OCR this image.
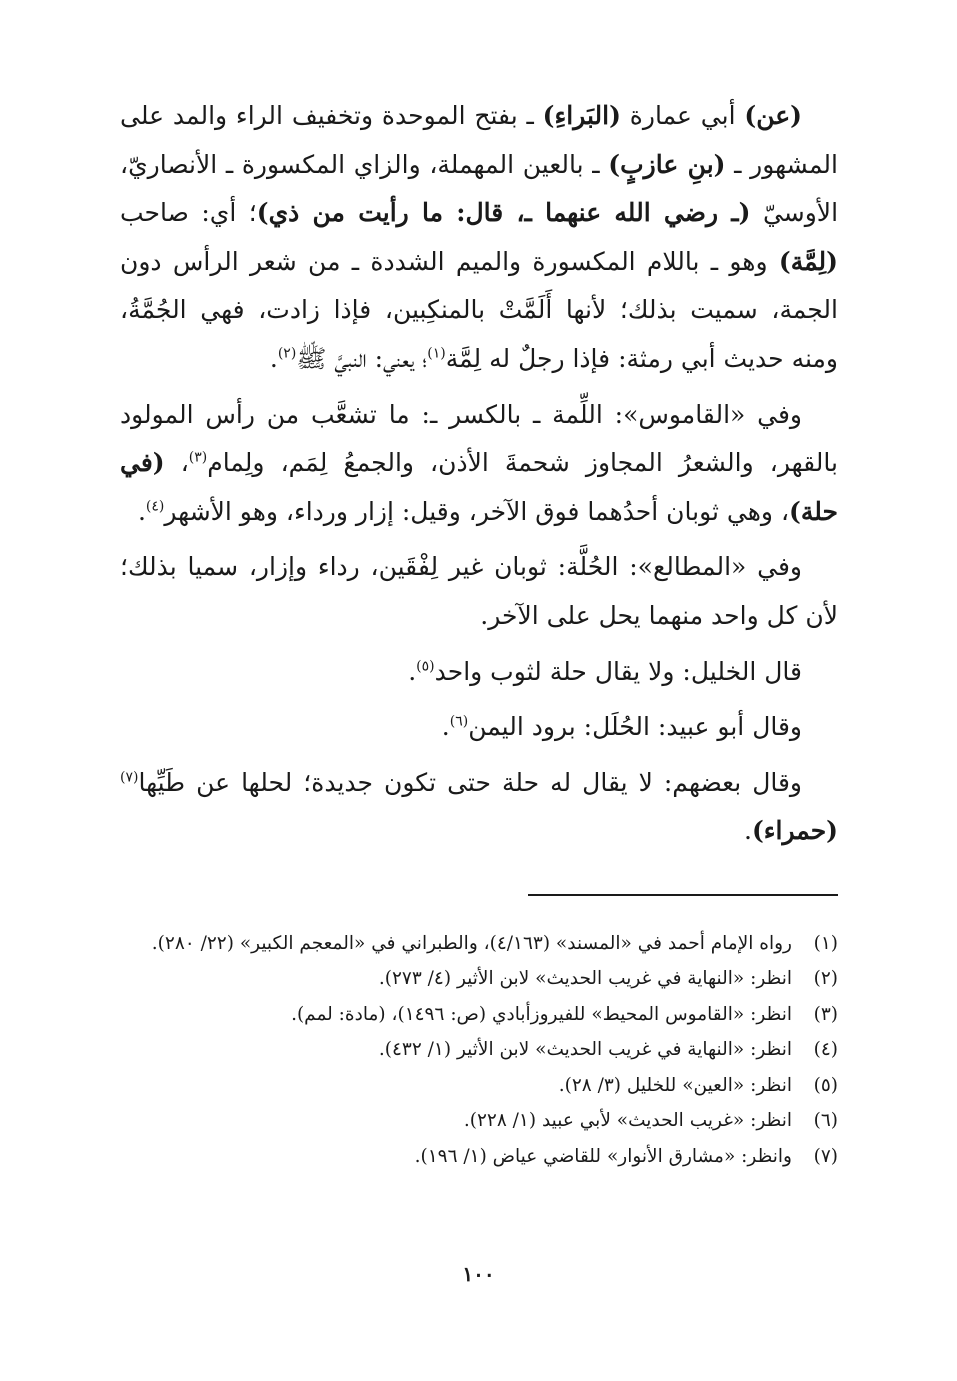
(عن) أبي عمارة (البَراءِ) ـ بفتح الموحدة وتخفيف الراء والمد على المشهور ـ (بنِ عازبٍ) ـ بالعين المهملة، والزاي المكسورة ـ الأنصاريّ، الأوسيّ (ـ رضي الله عنهما ـ، قال: ما رأيت من ذي)؛ أي: صاحب (لِمَّة) وهو ـ باللام المكسورة والميم الشددة ـ من شعر الرأس دون الجمة، سميت بذلك؛ لأنها أَلَمَّتْ بالمنكِبين، فإذا زادت، فهي الجُمَّةُ، ومنه حديث أبي رمثة: فإذا رجلٌ له لِمَّة$^{(١)}$؛ يعني: النبيَّ ﷺ$^{(٢)}$.

وفي «القاموس»: اللِّمة ـ بالكسر ـ: ما تشعَّب من رأس المولود بالقهر، والشعرُ المجاوز شحمةَ الأذن، والجمعُ لِمَم، ولِمام$^{(٣)}$، (في حلة)، وهي ثوبان أحدُهما فوق الآخر، وقيل: إزار ورداء، وهو الأشهر$^{(٤)}$.

وفي «المطالع»: الحُلَّة: ثوبان غير لِفْقَين، رداء وإزار، سميا بذلك؛ لأن كل واحد منهما يحل على الآخر.

قال الخليل: ولا يقال حلة لثوب واحد$^{(٥)}$.

وقال أبو عبيد: الحُلَل: برود اليمن$^{(٦)}$.

وقال بعضهم: لا يقال له حلة حتى تكون جديدة؛ لحلها عن طَيِّها$^{(٧)}$ (حمراء).

(١)
رواه الإمام أحمد في «المسند» (٤/١٦٣)، والطبراني في «المعجم الكبير» (٢٢/ ٢٨٠).
(٢)
انظر: «النهاية في غريب الحديث» لابن الأثير (٤/ ٢٧٣).
(٣)
انظر: «القاموس المحيط» للفيروزأبادي (ص: ١٤٩٦)، (مادة: لمم).
(٤)
انظر: «النهاية في غريب الحديث» لابن الأثير (١/ ٤٣٢).
(٥)
انظر: «العين» للخليل (٣/ ٢٨).
(٦)
انظر: «غريب الحديث» لأبي عبيد (١/ ٢٢٨).
(٧)
وانظر: «مشارق الأنوار» للقاضي عياض (١/ ١٩٦).
١٠٠
